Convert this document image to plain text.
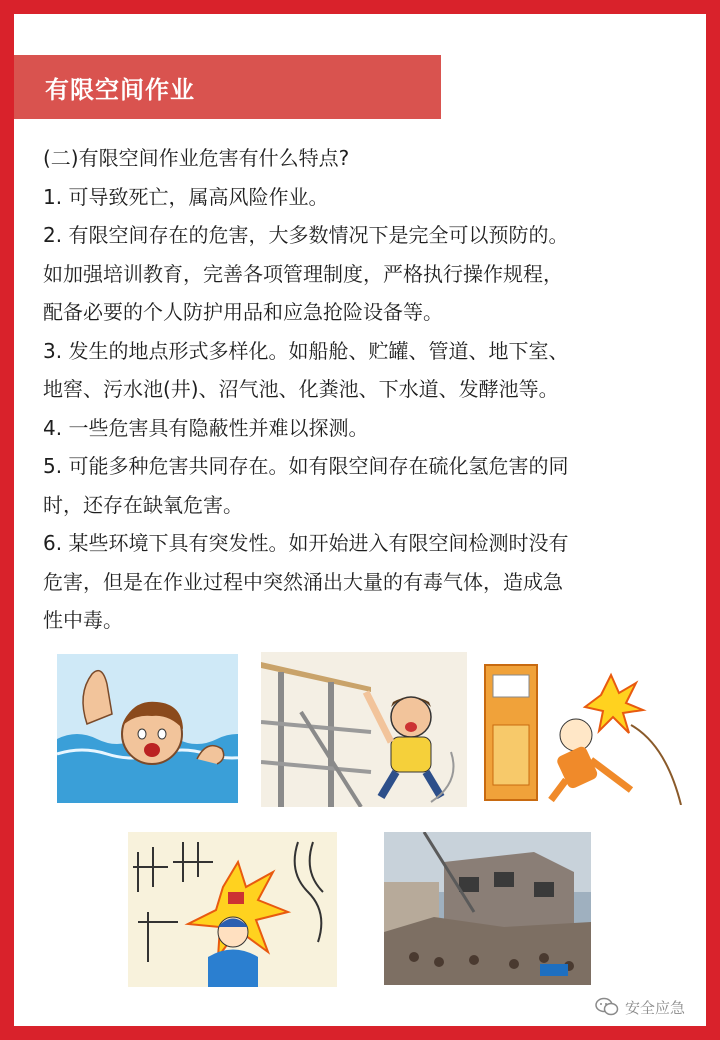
有限空间作业

(二)有限空间作业危害有什么特点?

1. 可导致死亡，属高风险作业。

2. 有限空间存在的危害，大多数情况下是完全可以预防的。

如加强培训教育，完善各项管理制度，严格执行操作规程，

配备必要的个人防护用品和应急抢险设备等。

3. 发生的地点形式多样化。如船舱、贮罐、管道、地下室、

地窖、污水池(井)、沼气池、化粪池、下水道、发酵池等。

4. 一些危害具有隐蔽性并难以探测。

5. 可能多种危害共同存在。如有限空间存在硫化氢危害的同

时，还存在缺氧危害。

6. 某些环境下具有突发性。如开始进入有限空间检测时没有

危害，但是在作业过程中突然涌出大量的有毒气体，造成急

性中毒。

安全应急
